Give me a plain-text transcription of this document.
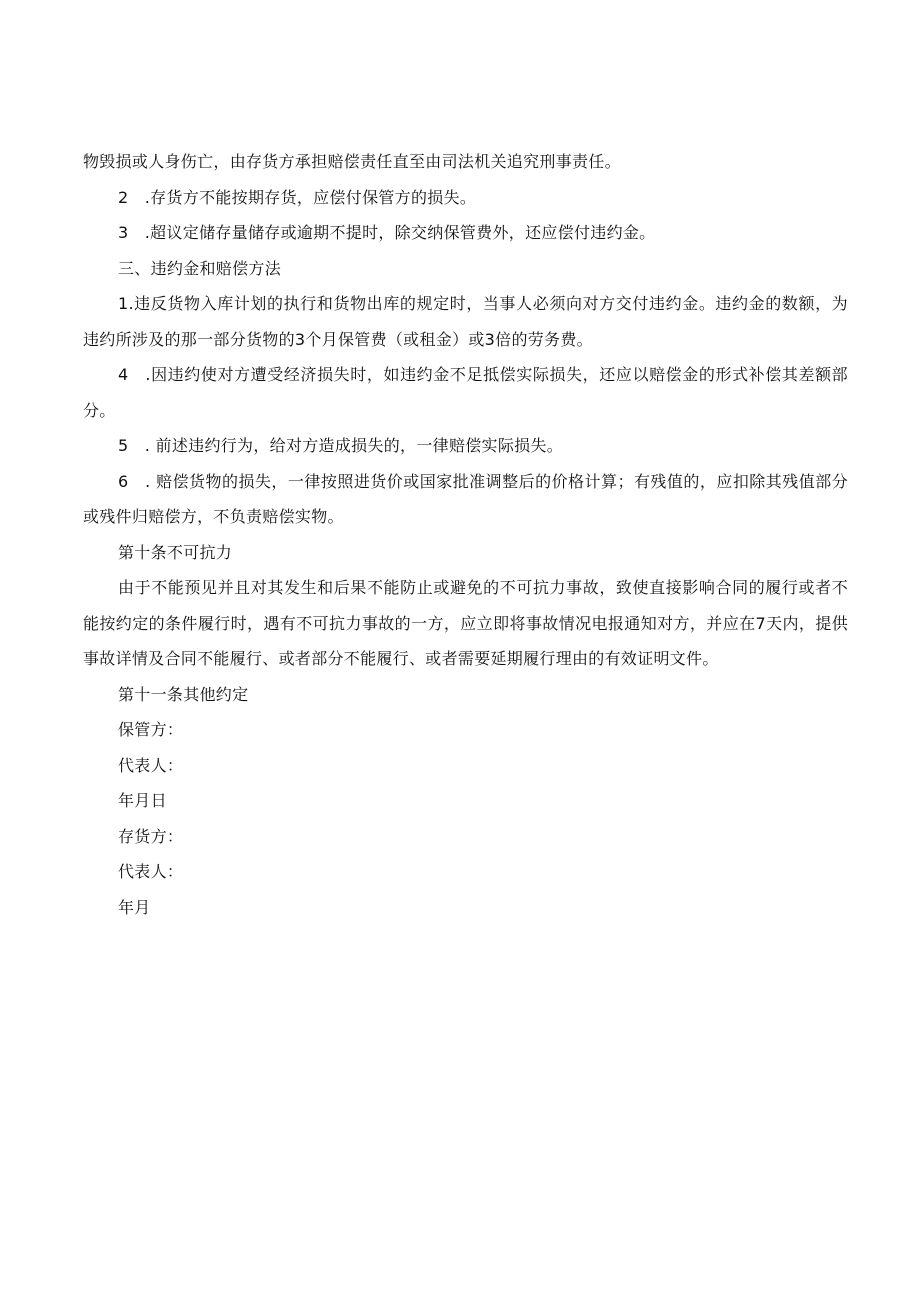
物毁损或人身伤亡，由存货方承担赔偿责任直至由司法机关追究刑事责任。

2　.存货方不能按期存货，应偿付保管方的损失。

3　.超议定储存量储存或逾期不提时，除交纳保管费外，还应偿付违约金。

三、违约金和赔偿方法

1.违反货物入库计划的执行和货物出库的规定时，当事人必须向对方交付违约金。违约金的数额，为违约所涉及的那一部分货物的3个月保管费（或租金）或3倍的劳务费。

4　.因违约使对方遭受经济损失时，如违约金不足抵偿实际损失，还应以赔偿金的形式补偿其差额部分。

5　. 前述违约行为，给对方造成损失的，一律赔偿实际损失。

6　. 赔偿货物的损失，一律按照进货价或国家批准调整后的价格计算；有残值的，应扣除其残值部分或残件归赔偿方，不负责赔偿实物。

第十条不可抗力

由于不能预见并且对其发生和后果不能防止或避免的不可抗力事故，致使直接影响合同的履行或者不能按约定的条件履行时，遇有不可抗力事故的一方，应立即将事故情况电报通知对方，并应在7天内，提供事故详情及合同不能履行、或者部分不能履行、或者需要延期履行理由的有效证明文件。

第十一条其他约定

保管方：

代表人：

年月日

存货方：

代表人：

年月
